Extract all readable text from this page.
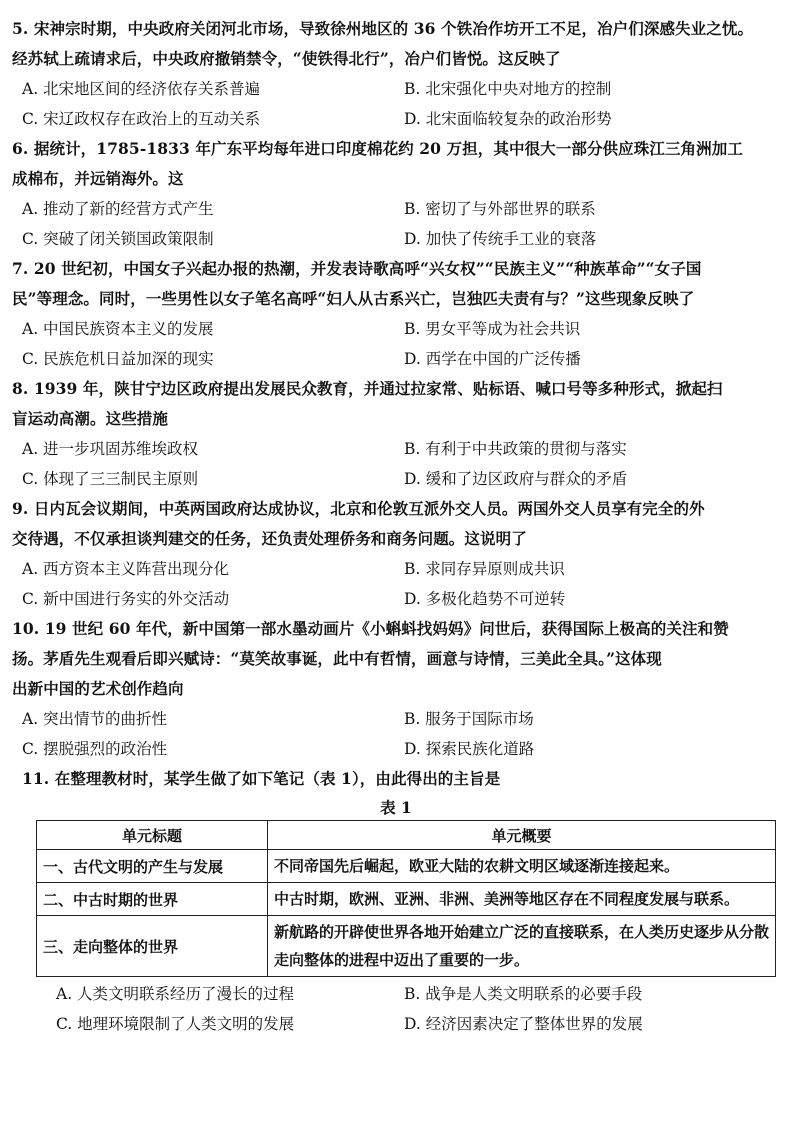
5. 宋神宗时期，中央政府关闭河北市场，导致徐州地区的 36 个铁冶作坊开工不足，冶户们深感失业之忧。
经苏轼上疏请求后，中央政府撤销禁令，“使铁得北行”，冶户们皆悦。这反映了
A. 北宋地区间的经济依存关系普遍	B. 北宋强化中央对地方的控制
C. 宋辽政权存在政治上的互动关系	D. 北宋面临较复杂的政治形势
6. 据统计，1785-1833 年广东平均每年进口印度棉花约 20 万担，其中很大一部分供应珠江三角洲加工
成棉布，并远销海外。这
A. 推动了新的经营方式产生	B. 密切了与外部世界的联系
C. 突破了闭关锁国政策限制	D. 加快了传统手工业的衰落
7. 20 世纪初，中国女子兴起办报的热潮，并发表诗歌高呼“兴女权”“民族主义”“种族革命”“女子国
民”等理念。同时，一些男性以女子笔名高呼“妇人从古系兴亡，岂独匹夫责有与？”这些现象反映了
A. 中国民族资本主义的发展	B. 男女平等成为社会共识
C. 民族危机日益加深的现实	D. 西学在中国的广泛传播
8. 1939 年，陕甘宁边区政府提出发展民众教育，并通过拉家常、贴标语、喊口号等多种形式，掀起扫
盲运动高潮。这些措施
A. 进一步巩固苏维埃政权	B. 有利于中共政策的贯彻与落实
C. 体现了三三制民主原则	D. 缓和了边区政府与群众的矛盾
9. 日内瓦会议期间，中英两国政府达成协议，北京和伦敦互派外交人员。两国外交人员享有完全的外
交待遇，不仅承担谈判建交的任务，还负责处理侨务和商务问题。这说明了
A. 西方资本主义阵营出现分化	B. 求同存异原则成共识
C. 新中国进行务实的外交活动	D. 多极化趋势不可逆转
10. 19 世纪 60 年代，新中国第一部水墨动画片《小蝌蚪找妈妈》问世后，获得国际上极高的关注和赞
扬。茅盾先生观看后即兴赋诗：“莫笑故事诞，此中有哲情，画意与诗情，三美此全具。”这体现
出新中国的艺术创作趋向
A. 突出情节的曲折性	B. 服务于国际市场
C. 摆脱强烈的政治性	D. 探索民族化道路
11. 在整理教材时，某学生做了如下笔记（表 1），由此得出的主旨是
表 1
单元标题	单元概要
一、古代文明的产生与发展	不同帝国先后崛起，欧亚大陆的农耕文明区域逐渐连接起来。
二、中古时期的世界	中古时期，欧洲、亚洲、非洲、美洲等地区存在不同程度发展与联系。
三、走向整体的世界	新航路的开辟使世界各地开始建立广泛的直接联系，在人类历史逐步从分散走向整体的进程中迈出了重要的一步。
A. 人类文明联系经历了漫长的过程	B. 战争是人类文明联系的必要手段
C. 地理环境限制了人类文明的发展	D. 经济因素决定了整体世界的发展
